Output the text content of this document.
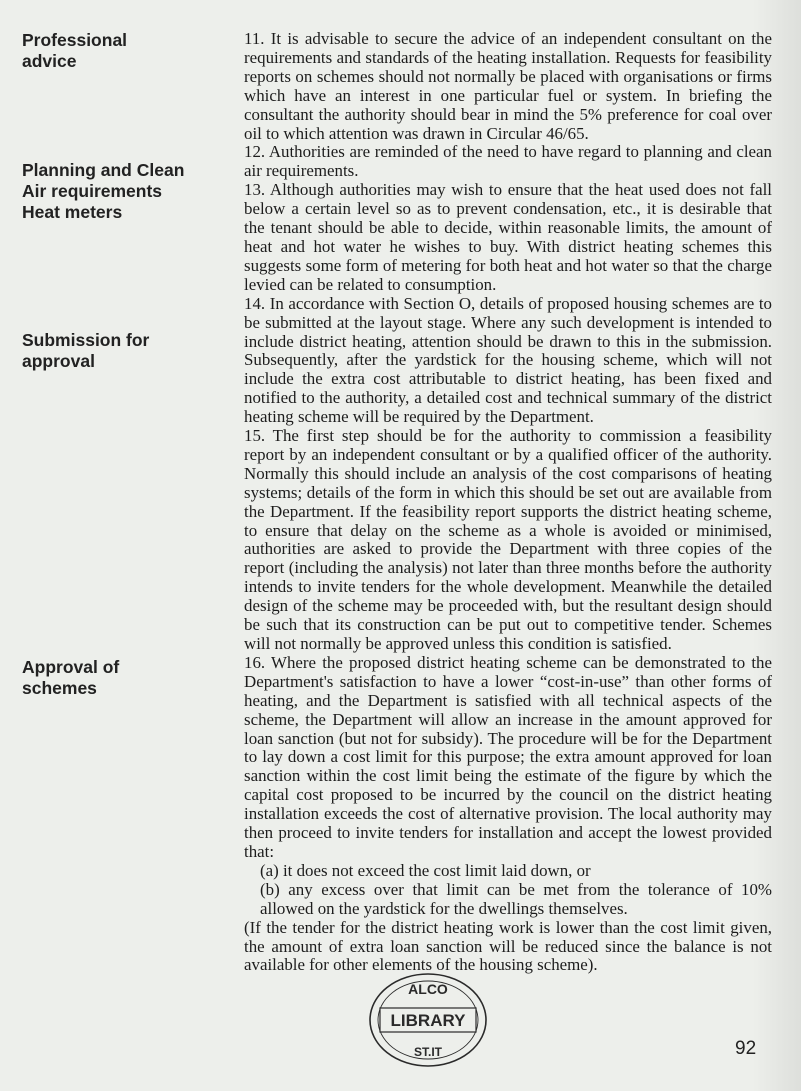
Professional
advice
Planning and Clean
Air requirements
Heat meters
Submission for
approval
Approval of
schemes

11. It is advisable to secure the advice of an independent consultant on the requirements and standards of the heating installation. Requests for feasibility reports on schemes should not normally be placed with organisations or firms which have an interest in one particular fuel or system. In briefing the consultant the authority should bear in mind the 5% preference for coal over oil to which attention was drawn in Circular 46/65.

12. Authorities are reminded of the need to have regard to planning and clean air requirements.

13. Although authorities may wish to ensure that the heat used does not fall below a certain level so as to prevent condensation, etc., it is desirable that the tenant should be able to decide, within reasonable limits, the amount of heat and hot water he wishes to buy. With district heating schemes this suggests some form of metering for both heat and hot water so that the charge levied can be related to consumption.

14. In accordance with Section O, details of proposed housing schemes are to be submitted at the layout stage. Where any such development is intended to include district heating, attention should be drawn to this in the submission. Subsequently, after the yardstick for the housing scheme, which will not include the extra cost attributable to district heating, has been fixed and notified to the authority, a detailed cost and technical summary of the district heating scheme will be required by the Department.

15. The first step should be for the authority to commission a feasibility report by an independent consultant or by a qualified officer of the authority. Normally this should include an analysis of the cost comparisons of heating systems; details of the form in which this should be set out are available from the Department. If the feasibility report supports the district heating scheme, to ensure that delay on the scheme as a whole is avoided or minimised, authorities are asked to provide the Department with three copies of the report (including the analysis) not later than three months before the authority intends to invite tenders for the whole development. Meanwhile the detailed design of the scheme may be proceeded with, but the resultant design should be such that its construction can be put out to competitive tender. Schemes will not normally be approved unless this condition is satisfied.

16. Where the proposed district heating scheme can be demonstrated to the Department's satisfaction to have a lower “cost-in-use” than other forms of heating, and the Department is satisfied with all technical aspects of the scheme, the Department will allow an increase in the amount approved for loan sanction (but not for subsidy). The procedure will be for the Department to lay down a cost limit for this purpose; the extra amount approved for loan sanction within the cost limit being the estimate of the figure by which the capital cost proposed to be incurred by the council on the district heating installation exceeds the cost of alternative provision. The local authority may then proceed to invite tenders for installation and accept the lowest provided that:

(a) it does not exceed the cost limit laid down, or

(b) any excess over that limit can be met from the tolerance of 10% allowed on the yardstick for the dwellings themselves.

(If the tender for the district heating work is lower than the cost limit given, the amount of extra loan sanction will be reduced since the balance is not available for other elements of the housing scheme).

LIBRARY
ALCO
ST.IT	92
